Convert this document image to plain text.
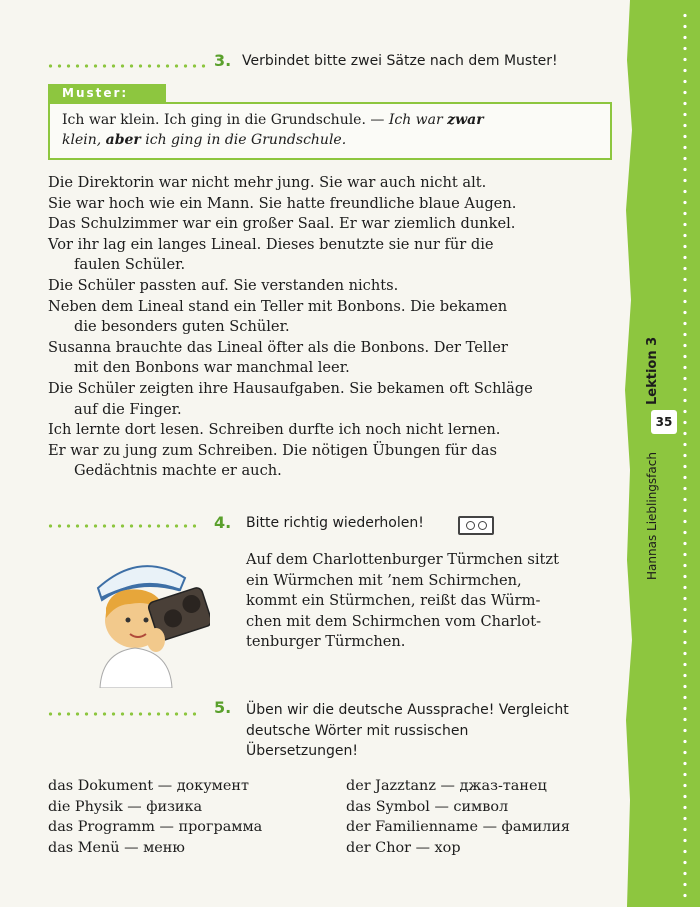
Lektion 3
35
Hannas Lieblingsfach
3. Verbindet bitte zwei Sätze nach dem Muster!
Muster:
Ich war klein. Ich ging in die Grundschule. — Ich war zwar
klein, aber ich ging in die Grundschule.
Die Direktorin war nicht mehr jung. Sie war auch nicht alt.
Sie war hoch wie ein Mann. Sie hatte freundliche blaue Augen.
Das Schulzimmer war ein großer Saal. Er war ziemlich dunkel.
Vor ihr lag ein langes Lineal. Dieses benutzte sie nur für die
faulen Schüler.
Die Schüler passten auf. Sie verstanden nichts.
Neben dem Lineal stand ein Teller mit Bonbons. Die bekamen
die besonders guten Schüler.
Susanna brauchte das Lineal öfter als die Bonbons. Der Teller
mit den Bonbons war manchmal leer.
Die Schüler zeigten ihre Hausaufgaben. Sie bekamen oft Schläge
auf die Finger.
Ich lernte dort lesen. Schreiben durfte ich noch nicht lernen.
Er war zu jung zum Schreiben. Die nötigen Übungen für das
Gedächtnis machte er auch.
4. Bitte richtig wiederholen!
Auf dem Charlottenburger Türmchen sitzt
ein Würmchen mit ’nem Schirmchen,
kommt ein Stürmchen, reißt das Würm-
chen mit dem Schirmchen vom Charlot-
tenburger Türmchen.
5. Üben wir die deutsche Aussprache! Vergleicht
deutsche Wörter mit russischen
Übersetzungen!
das Dokument — документ
die Physik — физика
das Programm — программа
das Menü — меню
der Jazztanz — джаз-танец
das Symbol — символ
der Familienname — фамилия
der Chor — хор
